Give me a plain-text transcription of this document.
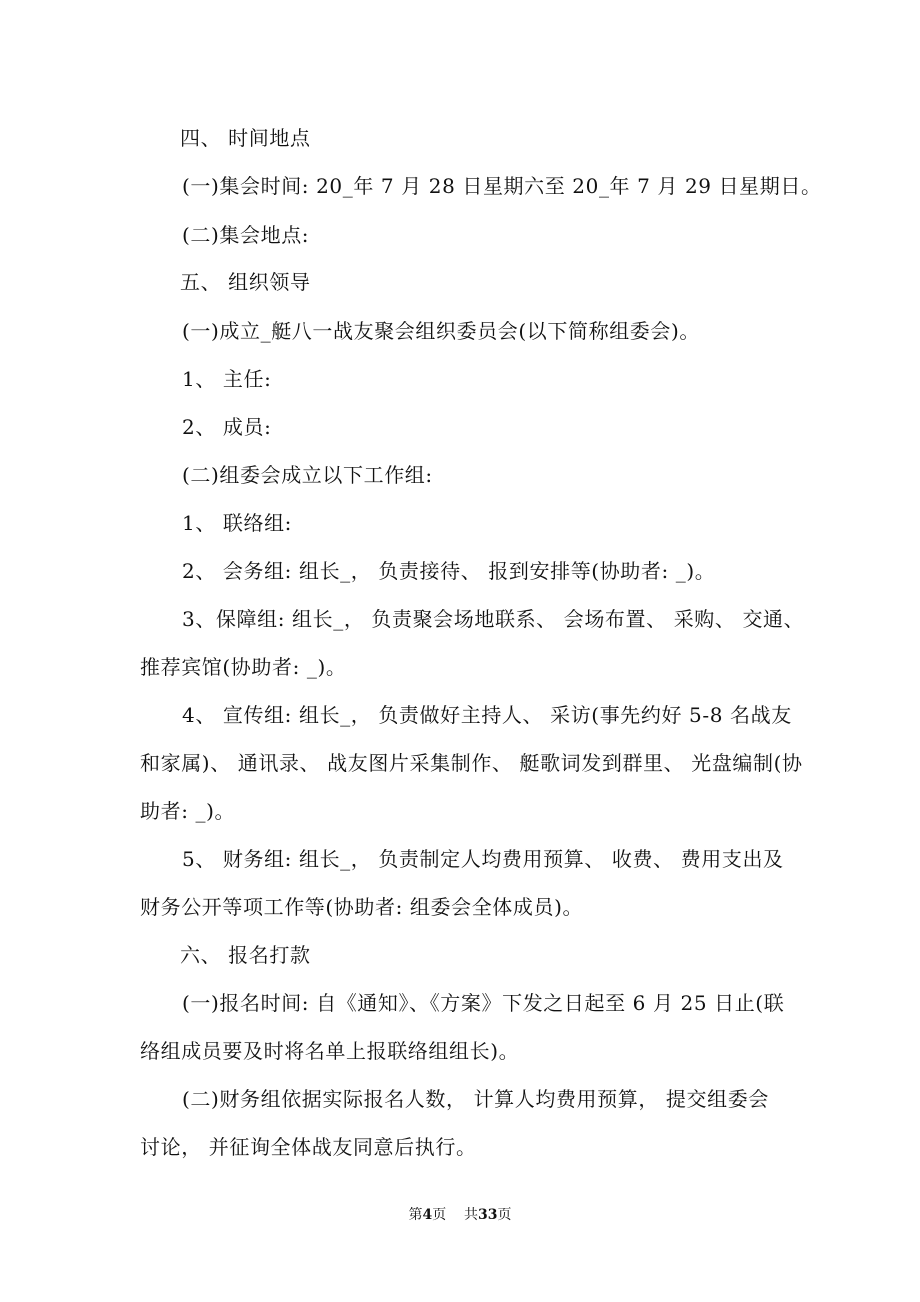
四、 时间地点
(一)集会时间: 20_年 7 月 28 日星期六至 20_年 7 月 29 日星期日。
(二)集会地点:
五、 组织领导
(一)成立_艇八一战友聚会组织委员会(以下简称组委会)。
1、 主任:
2、 成员:
(二)组委会成立以下工作组:
1、 联络组:
2、 会务组: 组长_， 负责接待、 报到安排等(协助者: _)。
3、保障组: 组长_， 负责聚会场地联系、 会场布置、 采购、 交通、
推荐宾馆(协助者: _)。
4、 宣传组: 组长_， 负责做好主持人、 采访(事先约好 5-8 名战友
和家属)、 通讯录、 战友图片采集制作、 艇歌词发到群里、 光盘编制(协
助者: _)。
5、 财务组: 组长_， 负责制定人均费用预算、 收费、 费用支出及
财务公开等项工作等(协助者: 组委会全体成员)。
六、 报名打款
(一)报名时间: 自《通知》、《方案》下发之日起至 6 月 25 日止(联
络组成员要及时将名单上报联络组组长)。
(二)财务组依据实际报名人数， 计算人均费用预算， 提交组委会
讨论， 并征询全体战友同意后执行。
第4页    共33页
